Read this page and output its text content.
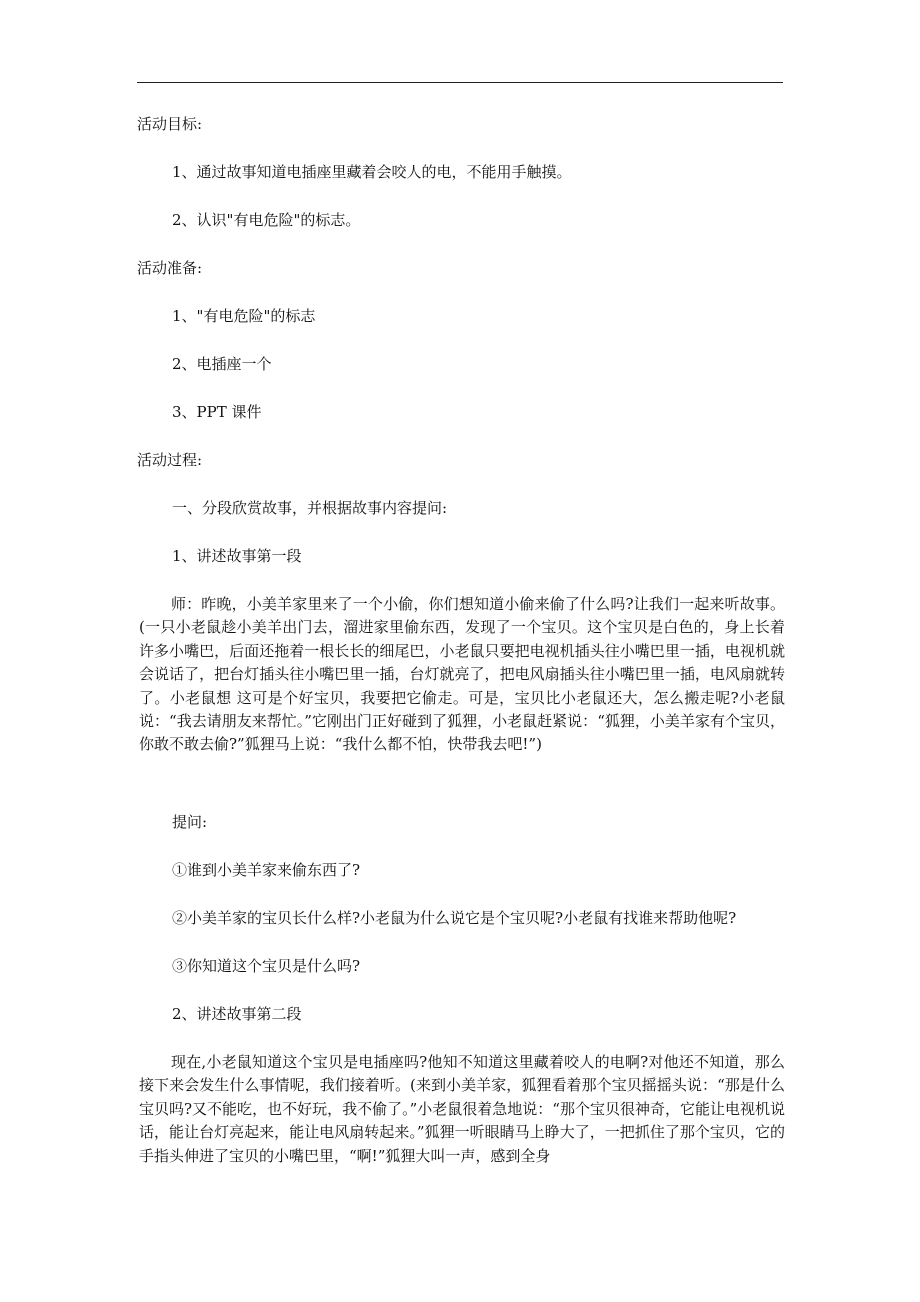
活动目标:
1、通过故事知道电插座里藏着会咬人的电，不能用手触摸。
2、认识"有电危险"的标志。
活动准备:
1、"有电危险"的标志
2、电插座一个
3、PPT 课件
活动过程:
一、分段欣赏故事，并根据故事内容提问:
1、讲述故事第一段
师：昨晚，小美羊家里来了一个小偷，你们想知道小偷来偷了什么吗?让我们一起来听故事。(一只小老鼠趁小美羊出门去，溜进家里偷东西，发现了一个宝贝。这个宝贝是白色的，身上长着许多小嘴巴，后面还拖着一根长长的细尾巴，小老鼠只要把电视机插头往小嘴巴里一插，电视机就会说话了，把台灯插头往小嘴巴里一插，台灯就亮了，把电风扇插头往小嘴巴里一插，电风扇就转了。小老鼠想 这可是个好宝贝，我要把它偷走。可是，宝贝比小老鼠还大，怎么搬走呢?小老鼠说：“我去请朋友来帮忙。”它刚出门正好碰到了狐狸，小老鼠赶紧说：“狐狸，小美羊家有个宝贝，你敢不敢去偷?”狐狸马上说：“我什么都不怕，快带我去吧!”)
提问:
①谁到小美羊家来偷东西了?
②小美羊家的宝贝长什么样?小老鼠为什么说它是个宝贝呢?小老鼠有找谁来帮助他呢?
③你知道这个宝贝是什么吗?
2、讲述故事第二段
现在,小老鼠知道这个宝贝是电插座吗?他知不知道这里藏着咬人的电啊?对他还不知道，那么接下来会发生什么事情呢，我们接着听。(来到小美羊家，狐狸看着那个宝贝摇摇头说：“那是什么宝贝吗?又不能吃，也不好玩，我不偷了。”小老鼠很着急地说：“那个宝贝很神奇，它能让电视机说话，能让台灯亮起来，能让电风扇转起来。”狐狸一听眼睛马上睁大了，一把抓住了那个宝贝，它的手指头伸进了宝贝的小嘴巴里，“啊!”狐狸大叫一声，感到全身
